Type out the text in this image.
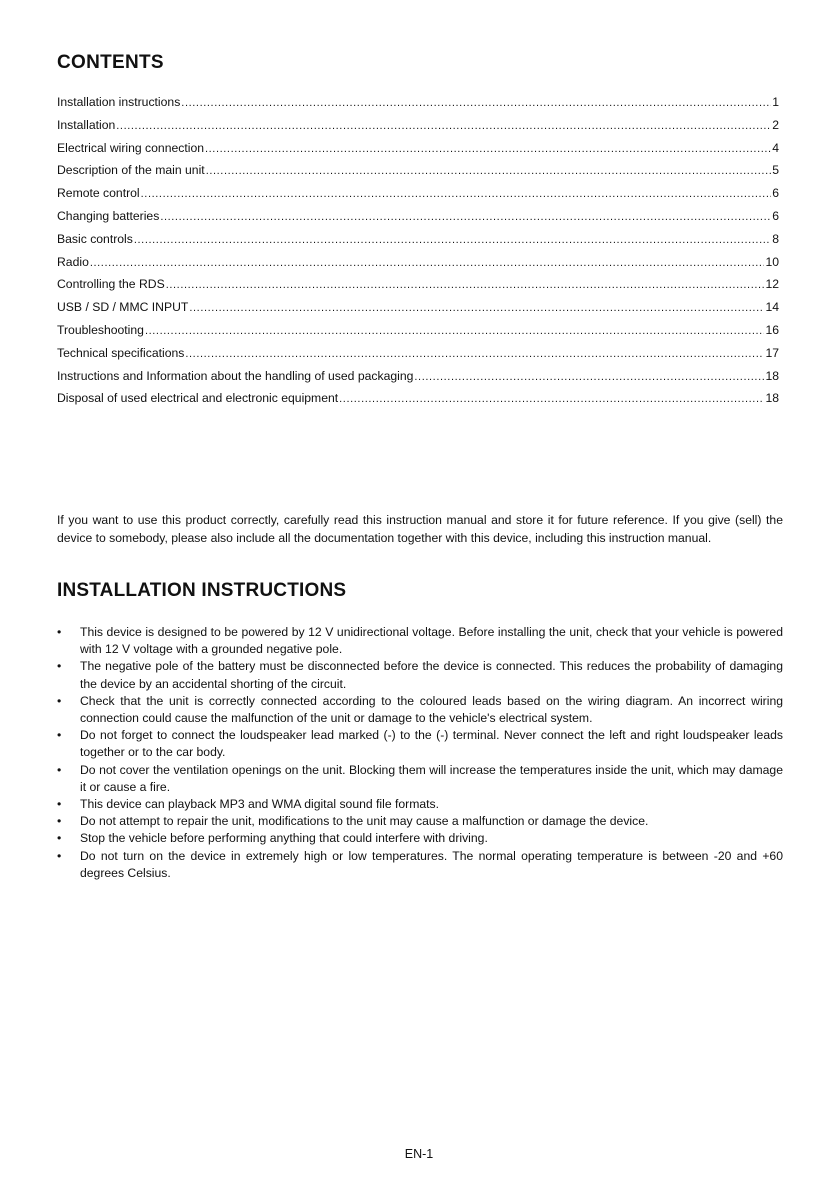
CONTENTS
Installation instructions .....	1
Installation .....	2
Electrical wiring connection .....	4
Description of the main unit .....	5
Remote control .....	6
Changing batteries .....	6
Basic controls .....	8
Radio .....	10
Controlling the RDS .....	12
USB / SD / MMC INPUT .....	14
Troubleshooting .....	16
Technical specifications .....	17
Instructions and Information about the handling of used packaging .....	18
Disposal of used electrical and electronic equipment .....	18

If you want to use this product correctly, carefully read this instruction manual and store it for future reference. If you give (sell) the device to somebody, please also include all the documentation together with this device, including this instruction manual.

INSTALLATION INSTRUCTIONS
•	This device is designed to be powered by 12 V unidirectional voltage. Before installing the unit, check that your vehicle is powered with 12 V voltage with a grounded negative pole.
•	The negative pole of the battery must be disconnected before the device is connected. This reduces the probability of damaging the device by an accidental shorting of the circuit.
•	Check that the unit is correctly connected according to the coloured leads based on the wiring diagram. An incorrect wiring connection could cause the malfunction of the unit or damage to the vehicle's electrical system.
•	Do not forget to connect the loudspeaker lead marked (-) to the (-) terminal. Never connect the left and right loudspeaker leads together or to the car body.
•	Do not cover the ventilation openings on the unit. Blocking them will increase the temperatures inside the unit, which may damage it or cause a fire.
•	This device can playback MP3 and WMA digital sound file formats.
•	Do not attempt to repair the unit, modifications to the unit may cause a malfunction or damage the device.
•	Stop the vehicle before performing anything that could interfere with driving.
•	Do not turn on the device in extremely high or low temperatures. The normal operating temperature is between -20 and +60 degrees Celsius.

EN-1
